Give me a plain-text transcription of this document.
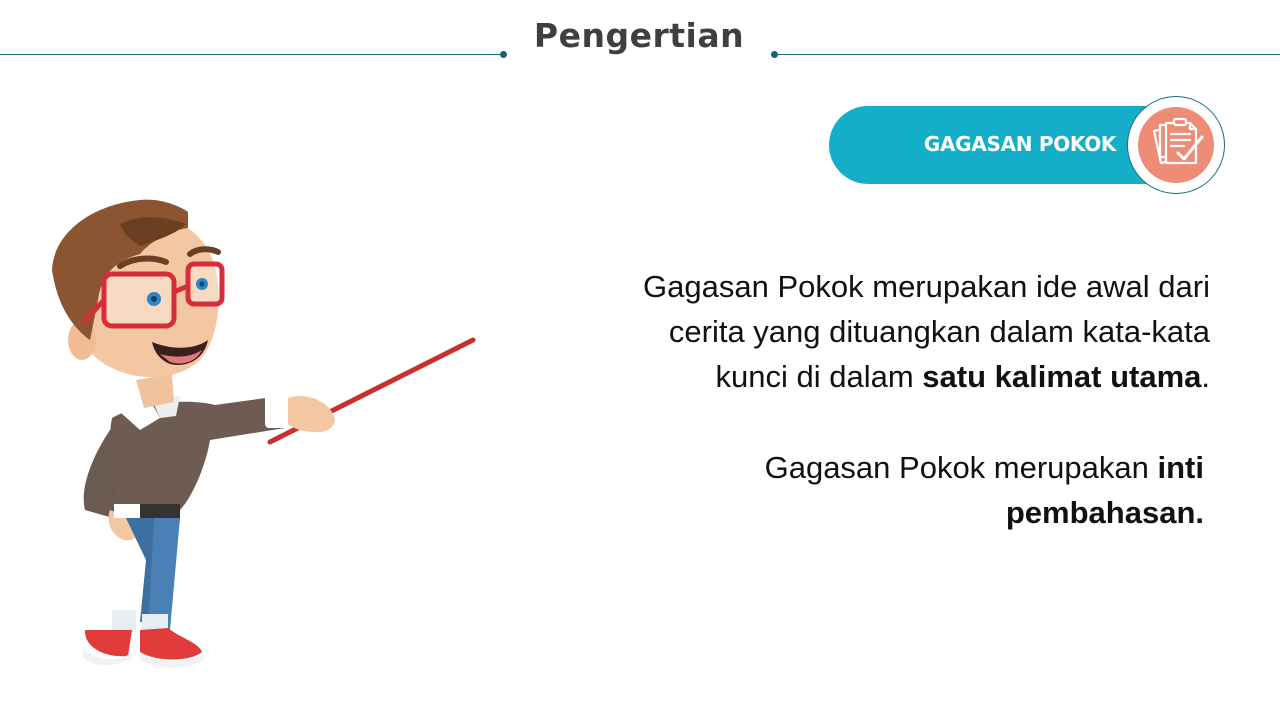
Pengertian
GAGASAN POKOK
Gagasan Pokok merupakan ide awal dari
cerita yang dituangkan dalam kata-kata
kunci di dalam satu kalimat utama.
Gagasan Pokok merupakan inti
pembahasan.
